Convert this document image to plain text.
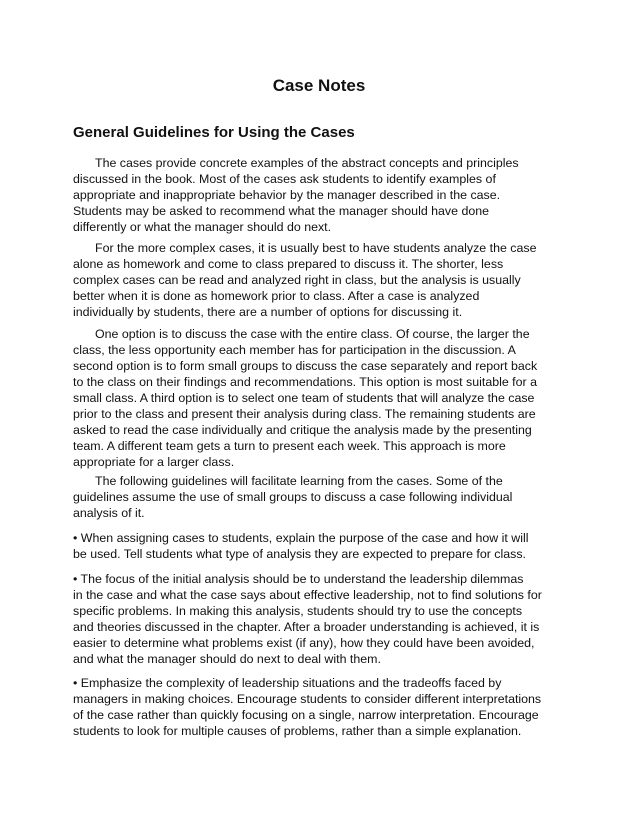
Case Notes
General Guidelines for Using the Cases
The cases provide concrete examples of the abstract concepts and principles
discussed in the book. Most of the cases ask students to identify examples of
appropriate and inappropriate behavior by the manager described in the case.
Students may be asked to recommend what the manager should have done
differently or what the manager should do next.
For the more complex cases, it is usually best to have students analyze the case
alone as homework and come to class prepared to discuss it. The shorter, less
complex cases can be read and analyzed right in class, but the analysis is usually
better when it is done as homework prior to class. After a case is analyzed
individually by students, there are a number of options for discussing it.
One option is to discuss the case with the entire class. Of course, the larger the
class, the less opportunity each member has for participation in the discussion. A
second option is to form small groups to discuss the case separately and report back
to the class on their findings and recommendations. This option is most suitable for a
small class. A third option is to select one team of students that will analyze the case
prior to the class and present their analysis during class. The remaining students are
asked to read the case individually and critique the analysis made by the presenting
team. A different team gets a turn to present each week. This approach is more
appropriate for a larger class.
The following guidelines will facilitate learning from the cases. Some of the
guidelines assume the use of small groups to discuss a case following individual
analysis of it.
• When assigning cases to students, explain the purpose of the case and how it will
be used. Tell students what type of analysis they are expected to prepare for class.
• The focus of the initial analysis should be to understand the leadership dilemmas
in the case and what the case says about effective leadership, not to find solutions for
specific problems. In making this analysis, students should try to use the concepts
and theories discussed in the chapter. After a broader understanding is achieved, it is
easier to determine what problems exist (if any), how they could have been avoided,
and what the manager should do next to deal with them.
• Emphasize the complexity of leadership situations and the tradeoffs faced by
managers in making choices. Encourage students to consider different interpretations
of the case rather than quickly focusing on a single, narrow interpretation. Encourage
students to look for multiple causes of problems, rather than a simple explanation.
